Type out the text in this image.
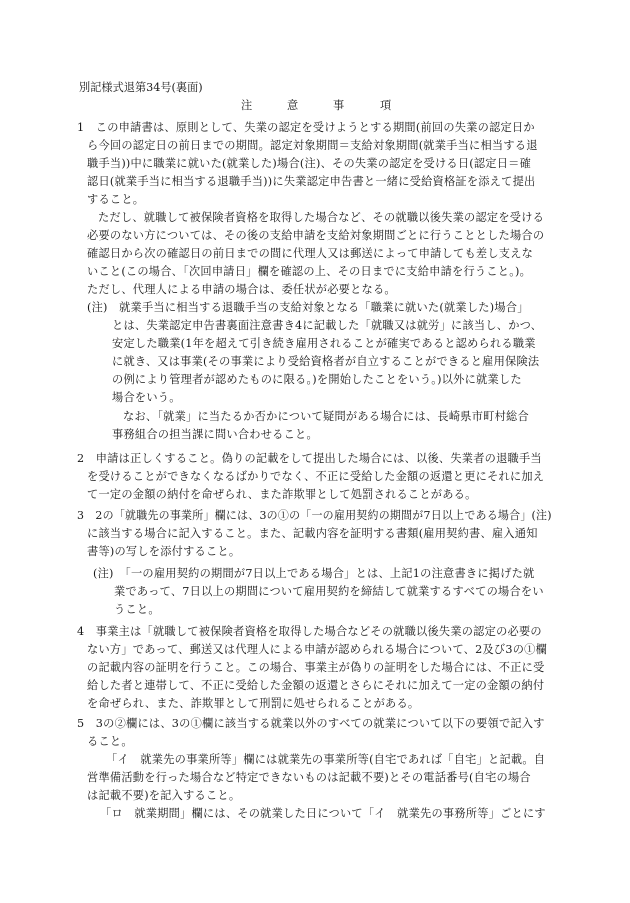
別記様式退第34号(裏面)
注	意	事	項
1　この申請書は、原則として、失業の認定を受けようとする期間(前回の失業の認定日か
ら今回の認定日の前日までの期間。認定対象期間＝支給対象期間(就業手当に相当する退
職手当))中に職業に就いた(就業した)場合(注)、その失業の認定を受ける日(認定日＝確
認日(就業手当に相当する退職手当))に失業認定申告書と一緒に受給資格証を添えて提出
すること。
ただし、就職して被保険者資格を取得した場合など、その就職以後失業の認定を受ける
必要のない方については、その後の支給申請を支給対象期間ごとに行うこととした場合の
確認日から次の確認日の前日までの間に代理人又は郵送によって申請しても差し支えな
いこと(この場合、「次回申請日」欄を確認の上、その日までに支給申請を行うこと。)。
ただし、代理人による申請の場合は、委任状が必要となる。
(注)　就業手当に相当する退職手当の支給対象となる「職業に就いた(就業した)場合」
とは、失業認定申告書裏面注意書き4に記載した「就職又は就労」に該当し、かつ、
安定した職業(1年を超えて引き続き雇用されることが確実であると認められる職業
に就き、又は事業(その事業により受給資格者が自立することができると雇用保険法
の例により管理者が認めたものに限る。)を開始したことをいう。)以外に就業した
場合をいう。
なお、「就業」に当たるか否かについて疑問がある場合には、長崎県市町村総合
事務組合の担当課に問い合わせること。
2　申請は正しくすること。偽りの記載をして提出した場合には、以後、失業者の退職手当
を受けることができなくなるばかりでなく、不正に受給した金額の返還と更にそれに加え
て一定の金額の納付を命ぜられ、また詐欺罪として処罰されることがある。
3　2の「就職先の事業所」欄には、3の①の「一の雇用契約の期間が7日以上である場合」(注)
に該当する場合に記入すること。また、記載内容を証明する書類(雇用契約書、雇入通知
書等)の写しを添付すること。
(注)　「一の雇用契約の期間が7日以上である場合」とは、上記1の注意書きに掲げた就
業であって、7日以上の期間について雇用契約を締結して就業するすべての場合をい
うこと。
4　事業主は「就職して被保険者資格を取得した場合などその就職以後失業の認定の必要の
ない方」であって、郵送又は代理人による申請が認められる場合について、2及び3の①欄
の記載内容の証明を行うこと。この場合、事業主が偽りの証明をした場合には、不正に受
給した者と連帯して、不正に受給した金額の返還とさらにそれに加えて一定の金額の納付
を命ぜられ、また、詐欺罪として刑罰に処せられることがある。
5　3の②欄には、3の①欄に該当する就業以外のすべての就業について以下の要領で記入す
ること。
「イ　就業先の事業所等」欄には就業先の事業所等(自宅であれば「自宅」と記載。自
営準備活動を行った場合など特定できないものは記載不要)とその電話番号(自宅の場合
は記載不要)を記入すること。
「ロ　就業期間」欄には、その就業した日について「イ　就業先の事務所等」ごとにす
